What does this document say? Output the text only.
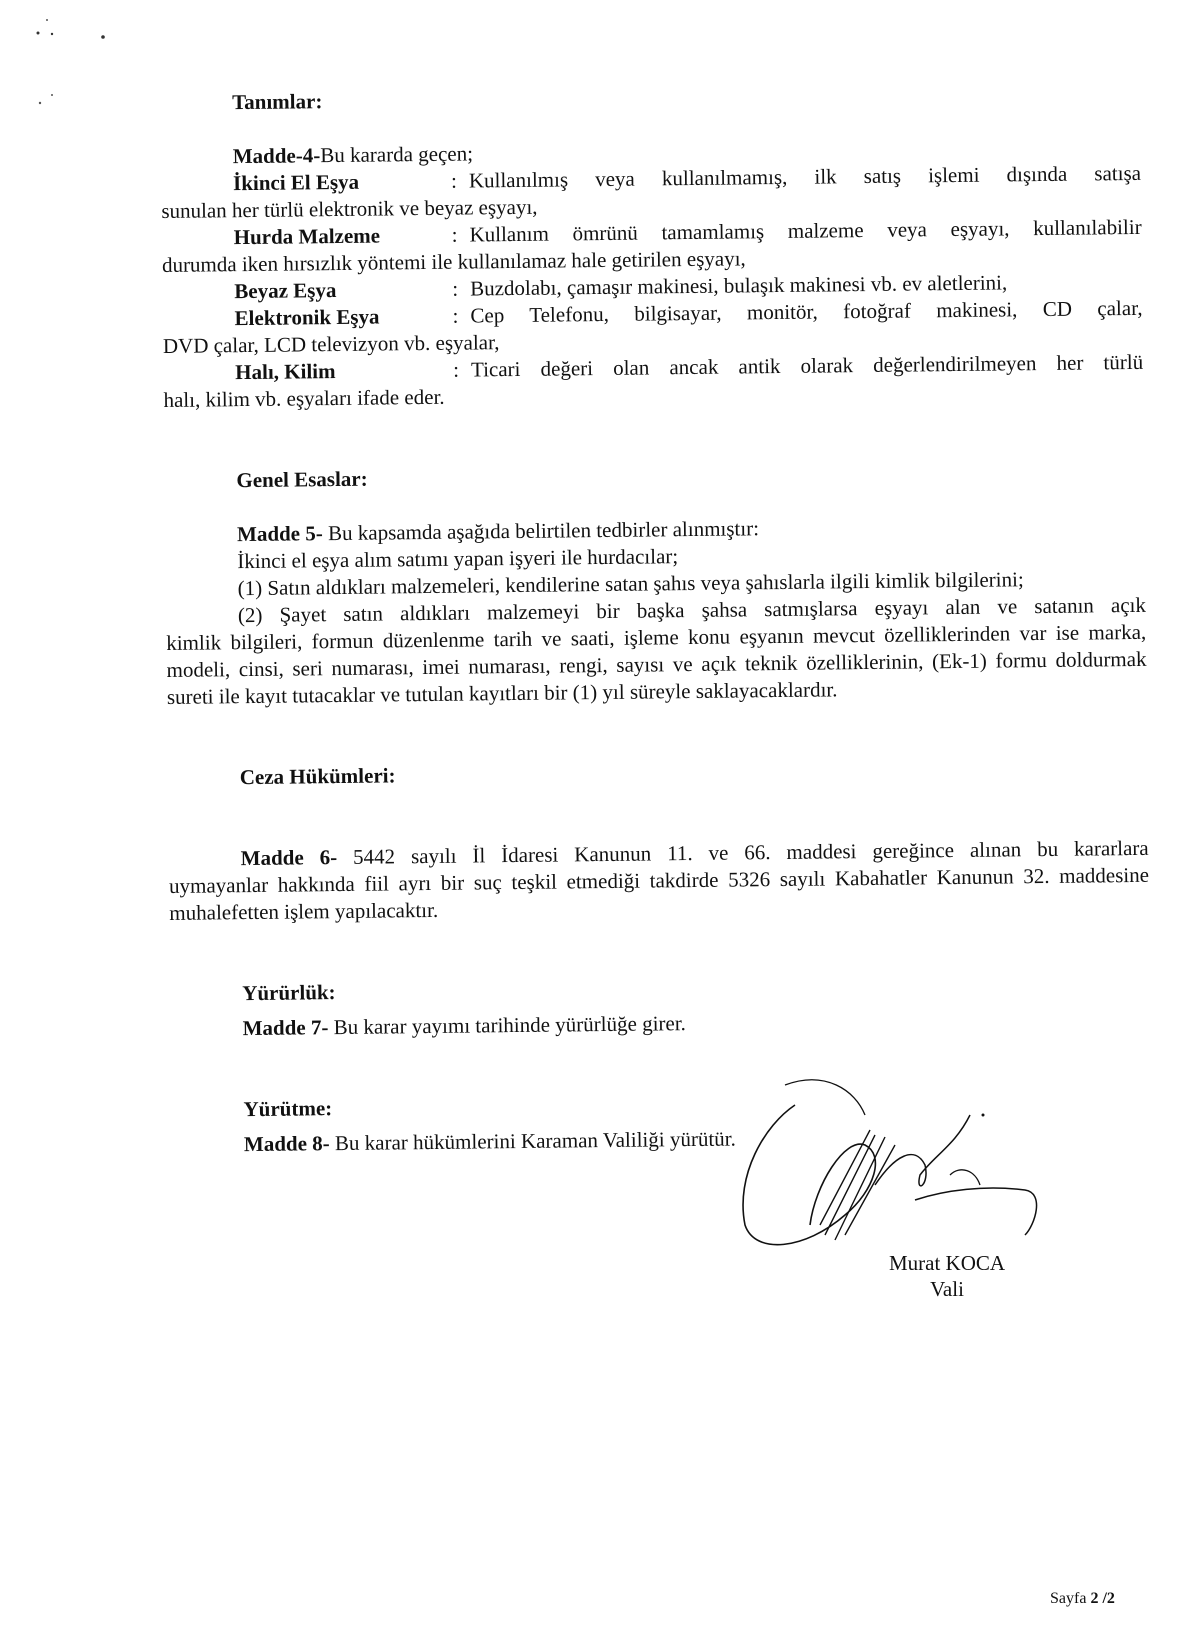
Tanımlar:
Madde-4-Bu kararda geçen;
İkinci El Eşya	: Kullanılmış veya kullanılmamış, ilk satış işlemi dışında satışa
sunulan her türlü elektronik ve beyaz eşyayı,
Hurda Malzeme	: Kullanım ömrünü tamamlamış malzeme veya eşyayı, kullanılabilir
durumda iken hırsızlık yöntemi ile kullanılamaz hale getirilen eşyayı,
Beyaz Eşya	: Buzdolabı, çamaşır makinesi, bulaşık makinesi vb. ev aletlerini,
Elektronik Eşya	: Cep Telefonu, bilgisayar, monitör, fotoğraf makinesi, CD çalar,
DVD çalar, LCD televizyon vb. eşyalar,
Halı, Kilim	: Ticari değeri olan ancak antik olarak değerlendirilmeyen her türlü
halı, kilim vb. eşyaları ifade eder.
Genel Esaslar:
Madde 5- Bu kapsamda aşağıda belirtilen tedbirler alınmıştır:
İkinci el eşya alım satımı yapan işyeri ile hurdacılar;
(1) Satın aldıkları malzemeleri, kendilerine satan şahıs veya şahıslarla ilgili kimlik bilgilerini;
(2) Şayet satın aldıkları malzemeyi bir başka şahsa satmışlarsa eşyayı alan ve satanın açık

kimlik bilgileri, formun düzenlenme tarih ve saati, işleme konu eşyanın mevcut özelliklerinden var ise marka, modeli, cinsi, seri numarası, imei numarası, rengi, sayısı ve açık teknik özelliklerinin, (Ek-1) formu doldurmak sureti ile kayıt tutacaklar ve tutulan kayıtları bir (1) yıl süreyle saklayacaklardır.

Ceza Hükümleri:
Madde 6- 5442 sayılı İl İdaresi Kanunun 11. ve 66. maddesi gereğince alınan bu kararlara

uymayanlar hakkında fiil ayrı bir suç teşkil etmediği takdirde 5326 sayılı Kabahatler Kanunun 32. maddesine muhalefetten işlem yapılacaktır.

Yürürlük:
Madde 7- Bu karar yayımı tarihinde yürürlüğe girer.
Yürütme:
Madde 8- Bu karar hükümlerini Karaman Valiliği yürütür.
Murat KOCA
Vali
Sayfa 2 /2
